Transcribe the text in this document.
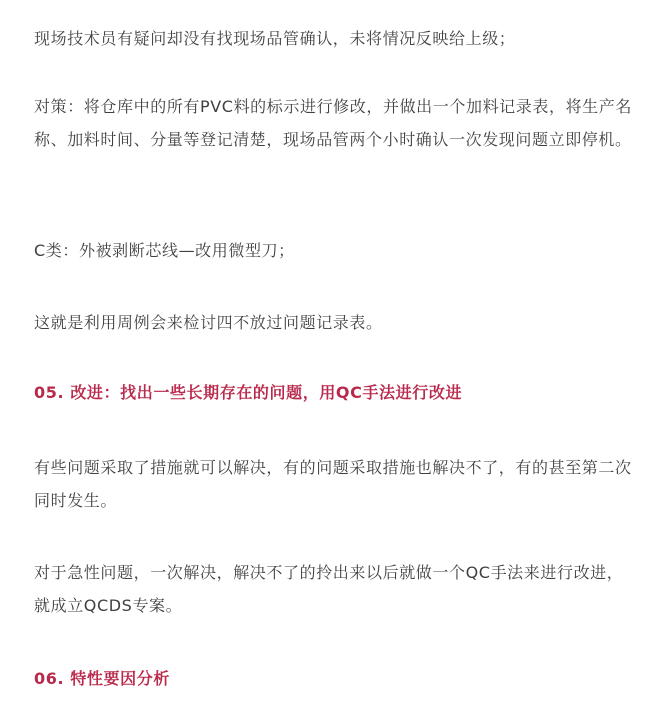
现场技术员有疑问却没有找现场品管确认，未将情况反映给上级；

对策：将仓库中的所有PVC料的标示进行修改，并做出一个加料记录表，将生产名称、加料时间、分量等登记清楚，现场品管两个小时确认一次发现问题立即停机。

C类：外被剥断芯线—改用微型刀；

这就是利用周例会来检讨四不放过问题记录表。

05. 改进：找出一些长期存在的问题，用QC手法进行改进

有些问题采取了措施就可以解决，有的问题采取措施也解决不了，有的甚至第二次同时发生。

对于急性问题，一次解决，解决不了的拎出来以后就做一个QC手法来进行改进，就成立QCDS专案。

06. 特性要因分析
